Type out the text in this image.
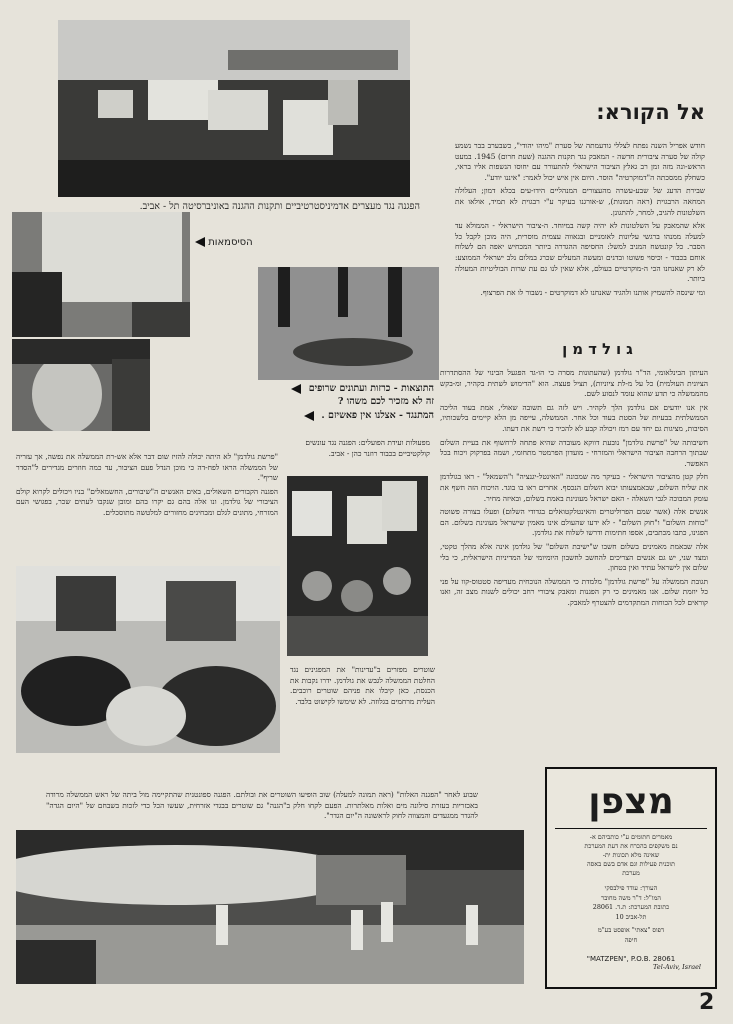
הפגנה נגד מעצרים אדמיניסטרטיביים ותקנות ההגנה באוניברסיטה תל - אביב.
הסיסמאות
התוצאות - כרזות ועתונים שרופים
זה לא מזכיר לכם משהו ?
המתנגד - אצלנו אין פאשיזם .
אל הקורא:

חודש אפריל השנה נפתח לצללי גודעמתה של סערת "מיהו יהודי", כשבערב בבר נשמע קולה של סערה ציבורית חדשה - המאבק נגד תקנות ההגנה (שעת חרום) 1945. במעט הראש-ונה מזה זמן רב גאלץ הציבור הישראלי להתעורר עם יחוסו הנשפות אליו בראי, כשחלק ממסכתה ה"דמוקרטיה" הוסר. היום אין איש יכול לאמר: "איננו יודע".

שבירת הדעג של שבע-עשרה מהעצורים המנהליים הידו-עים בכלא דמון; העלולה המחאה הרבגוית (ראה תמונות), ש-אורגנו בעיקר ע"י רבגוית לא תמיד, אולאו את השלטונות להגיב, למחר, להתגונן.

אלא שהמאבק על השלטונות לא יהיה קשה במיוחד. ה-ציבור הישראלי - הממולא עד למעלה ממנהו ברגשי עליונות לאומניים ובגאווה עצמית מוסרית, היה מוכן לקבל כל הסבר. כל קונטשח המניב למשל: החסיפה ההגדרה ביותר המכחיש יאפה הם לשלוח אוחם בכבוד - וכיסוי פשוטו ובדנים ומעשה המעלים שכרג במלום נלב ישראלי הממוצע: לא רק שאנחנו הכי ה-מוקרטיים בעולם, אלא שאין לנו גם עת שרות הבוליטיות המעולה ביותר.

ומי שינסה להשמיץ אותנו ולהגיד שאנחנו לא דמוקרטים - נשבור לו את הפרצוף.

גולדמן

העיתון הבינלאומי, הד"ר גולדמן (שהעתונות מסרה כי הו-גד הפגעל הבינוי של ההסתדרות הציונית העולמית) כל על מ-לת ציוניות), תציל פעצה. הוא "הדימוש לשתית בקהיר, ומ-בקש מהממשלה כי תדע שהוא עומד לנסוע לשם.

אין אנו יודעים אם גולדמן הלך לקהיר. ויש לזה גם תשובה שאולי, אמת בעוד הליכה הממשלתית בבעיות של הסטת בעוד וכל אחר. הממשלה, עייפה מן הלא קיימים בלשכותיו, הסיבות, מציגות גם יחד עם רמז ויכולה קבע לא להכיר כי רשת את דעתו.

חשיבותה של "פרשת גולדמן" נובעת דווקא מעובדה שהיא פתחה לרחשוף את בעיית השלום שבתוך הרחבה הציבור הישראלי והמזרחי - מועדון הפרמטר מתחומי, ושמה בפרקוק ויכוח בכל האפשר.

חלק קטן מהציבור הישראלי - בעיקר מה שמכונה "האינטל-יגנציה" ו"השמאל" - ראו בגולדמן את שליח השלום, שבאמצעותו יבוא השלום הנכסף. אחרים ראו בו בוגד. הויכוח הזה חשף את עומק המבוכה לגבי השאלה - האם ישראל מעונינת באמת בשלום, ובאיזה מחיר.

אנשים אלה (אשר שמם הפרוליטרים והאינטלקטואלים בגדודי השלום) ופעלו בצורה פשוטה "כוחות השלום" ו"חוק השלום" - לא ידעו שהעולם אינו מאמין שישראל מעונינת בשלום. הם הפגינו, כתבו מכתבים, אספו חתימות ודרשו לשלוח את גולדמן.

אלה שבאמת מאמינים בשלום חשבו ש"ישיבת השלום" של גולדמן אינה אלא מהלך טקטי, ומצד שני, יש גם אנשים הצריכים להחשב לחשבון היומיומי של המדיניות הישראלית, כי בלי שלום אין לישראל עתיד ואין בטחון.

תגובת הממשלה על "פרשת גולדמן" מלמדת כי הממשלה הנוכחית מעדיפה סטטוס-קוו על פני כל יוזמת שלום. אנו מאמינים כי רק הפגנות ומאבק ציבורי רחב יכולים לשנות מצב זה, ואנו קוראים לכל הכוחות המתקדמים להצטרף למאבק.

"פרשת גולדמן" לא היתה יכולה להזיז שום דבר אלא אש-רת הממשלה את נפשה, אך עזריה של הממשלה הראו לפח-דה כי מוכן הנדל פעם הציבור, עד כמה חוזרים מגדירים ל"הסדר שריף".

הפגנה הקבורים השאולים, באים האנשים ה"שיבורים, החשמאלים" בניו ויכולים לקרוא קולם הציבורי של גולדמן. ונו אלה בהם גם יקרו בהם ומובן שנקבו לעתים שכר, בפגושי העם המזרחי, מתונים לגלם ומבחינים מחזורים למלטשה מתוסכלים.

מפעולות ועידת הפועלים: הפגנה נגד עונשים קולקטיביים בכבוד רוזנר כהן - אביב.
שוטרים מפזרים ב"עדינות" את המפגינים נגד החלטת הממשלה לגבש את גולדמן. ידרו נקבות את הכנסת, כאן קיבלו את פניהם שוטרים רוכבים. העלית מרחמים בגלוזה. לא שימשו לקישוט בלבד.
שבוע לאחר "הפגנה האלות" (ראה תמונה למעלה) שוב הופיעו השוטרים את ובולתם. הפגנה ספונטנית שהתקיימה מול ביתה של ראש הממשלה מרודה באכזריות בעזרת סילונה מים ואלות מאלתרות. הפעם לקחו חלק ב"הגנה" גם שוטרים בבגדי אזרחית, שעשו הכל כדי לזכות בשבחם של "היום הגדה" להגדר ממגעדים והמצווה לחוק לראשונה ה"יום הגדר".	מצפן
מאמרים חתומים ע"י כותביהם א-
נם משקפים בהכרח את דעת המערכת
שאינה מלא תכונות ית-
תוכנית פעילות וגם אדם בשם באסה
מערכת
העורך: עודד פילבסקי
המו"ל: ד"ר משה מחובר
כתובת המערכת: ת.ד. 28061
תל-אביב 10
דפוס "צאתי" אופסט בע"מ
חיפה
"MATZPEN", P.O.B. 28061
Tel-Aviv, Israel
2
